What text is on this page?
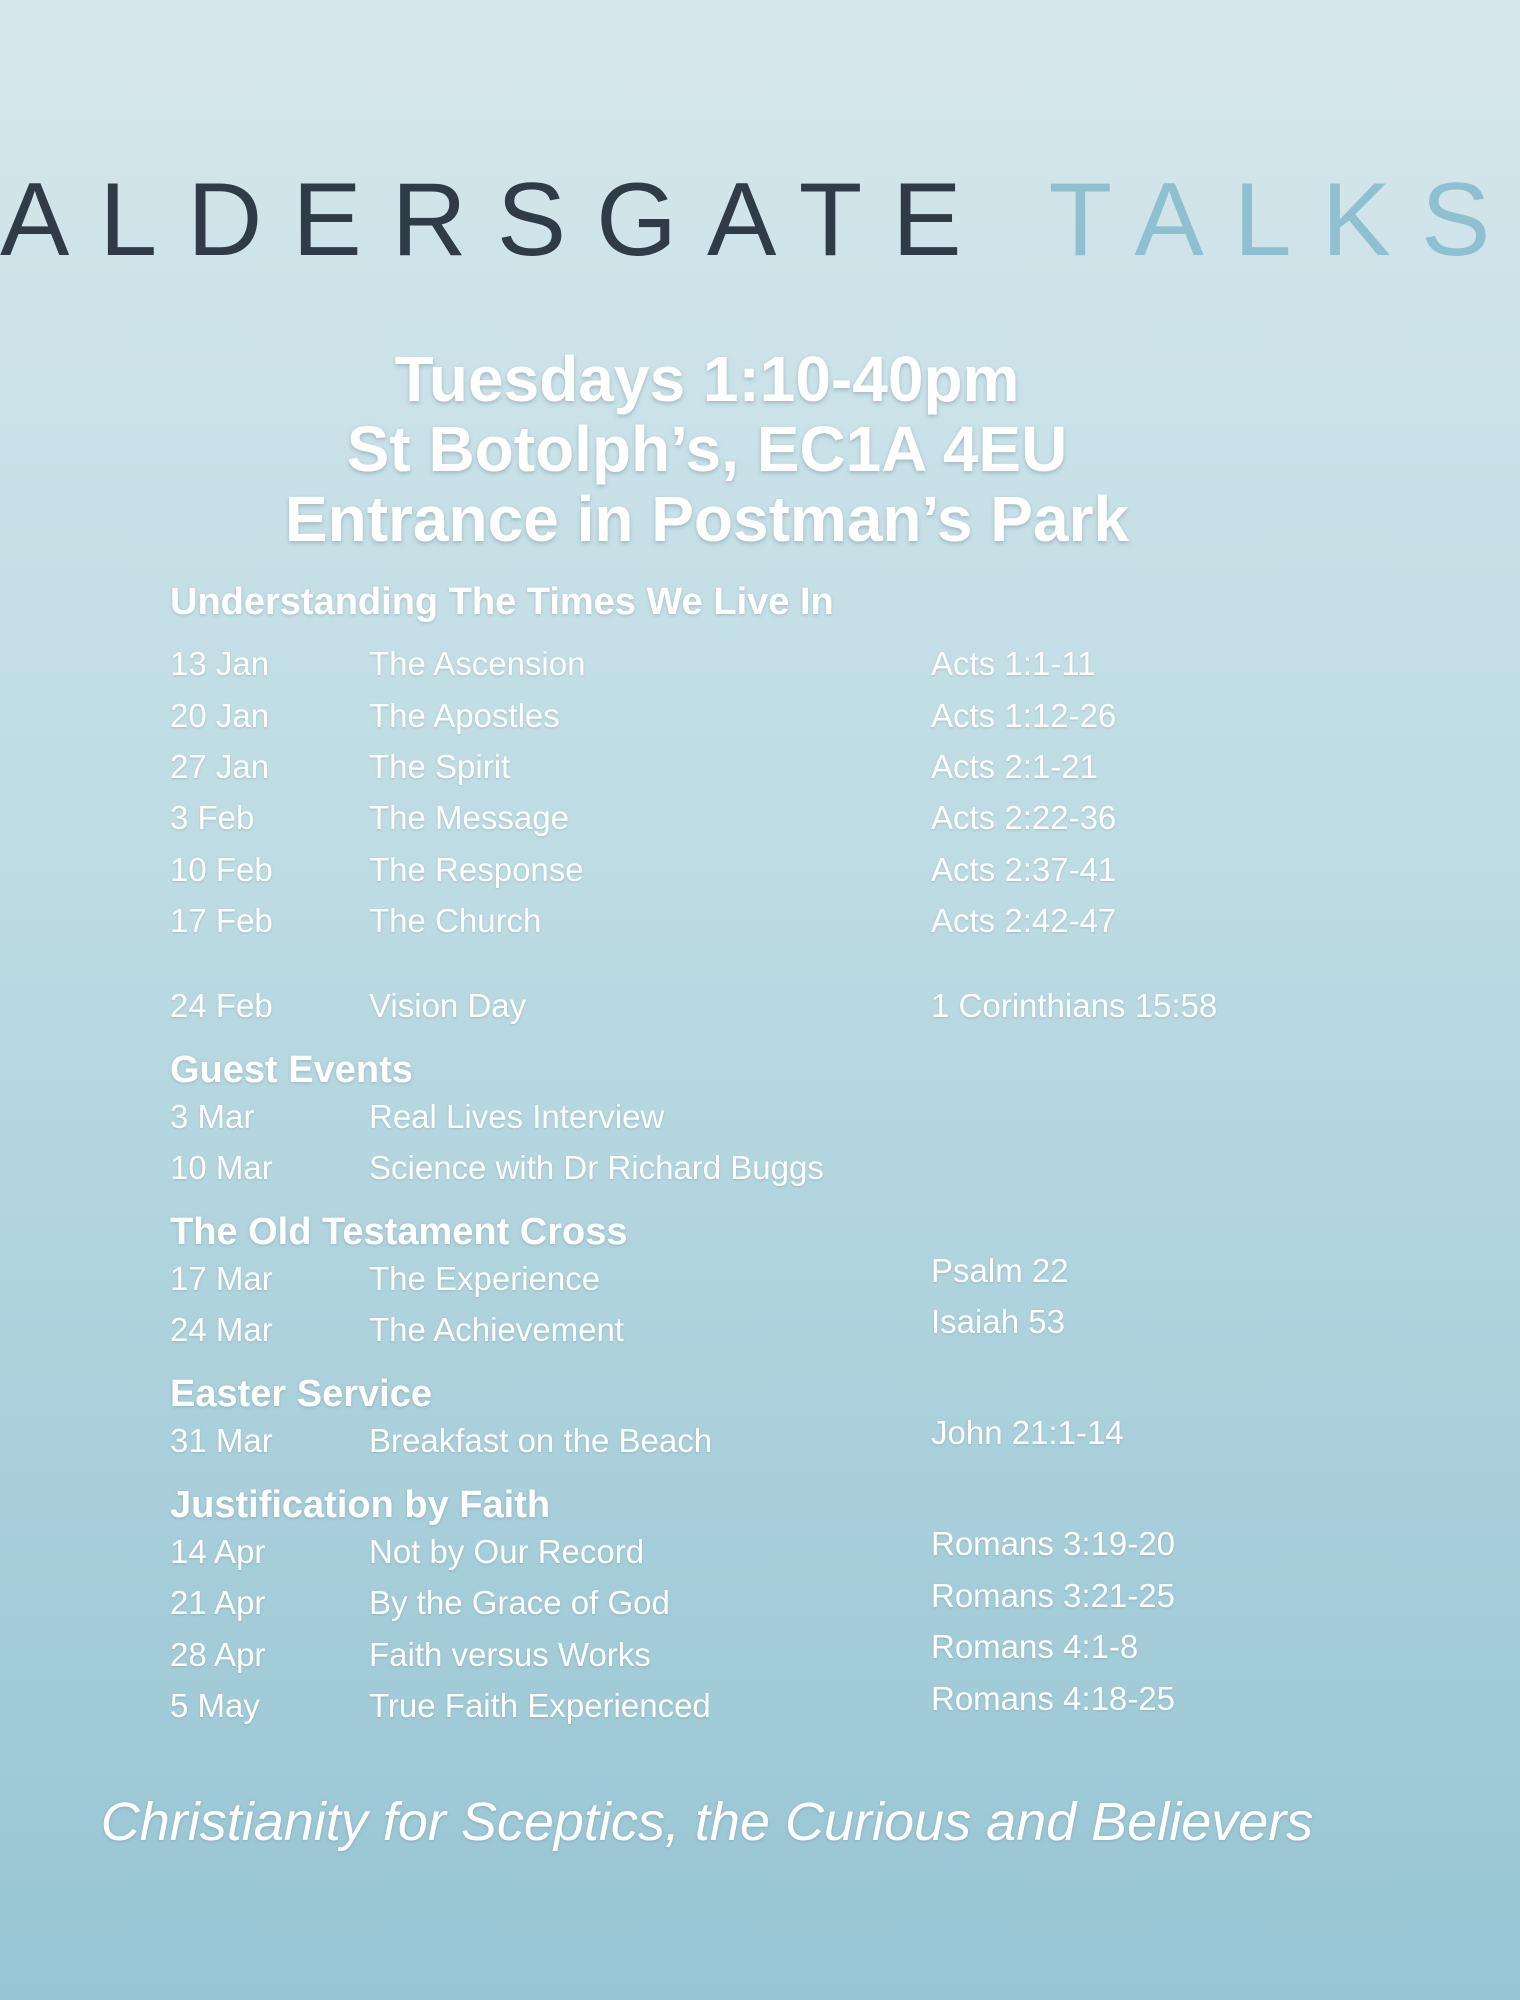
ALDERSGATE TALKS
Tuesdays 1:10-40pm
St Botolph’s, EC1A 4EU
Entrance in Postman’s Park
Understanding The Times We Live In
13 Jan	The Ascension	Acts 1:1-11
20 Jan	The Apostles	Acts 1:12-26
27 Jan	The Spirit	Acts 2:1-21
3 Feb	The Message	Acts 2:22-36
10 Feb	The Response	Acts 2:37-41
17 Feb	The Church	Acts 2:42-47
24 Feb	Vision Day	1 Corinthians 15:58
Guest Events
3 Mar	Real Lives Interview
10 Mar	Science with Dr Richard Buggs
The Old Testament Cross
17 Mar	The Experience	Psalm 22
24 Mar	The Achievement	Isaiah 53
Easter Service
31 Mar	Breakfast on the Beach	John 21:1-14
Justification by Faith
14 Apr	Not by Our Record	Romans 3:19-20
21 Apr	By the Grace of God	Romans 3:21-25
28 Apr	Faith versus Works	Romans 4:1-8
5 May	True Faith Experienced	Romans 4:18-25
Christianity for Sceptics, the Curious and Believers
